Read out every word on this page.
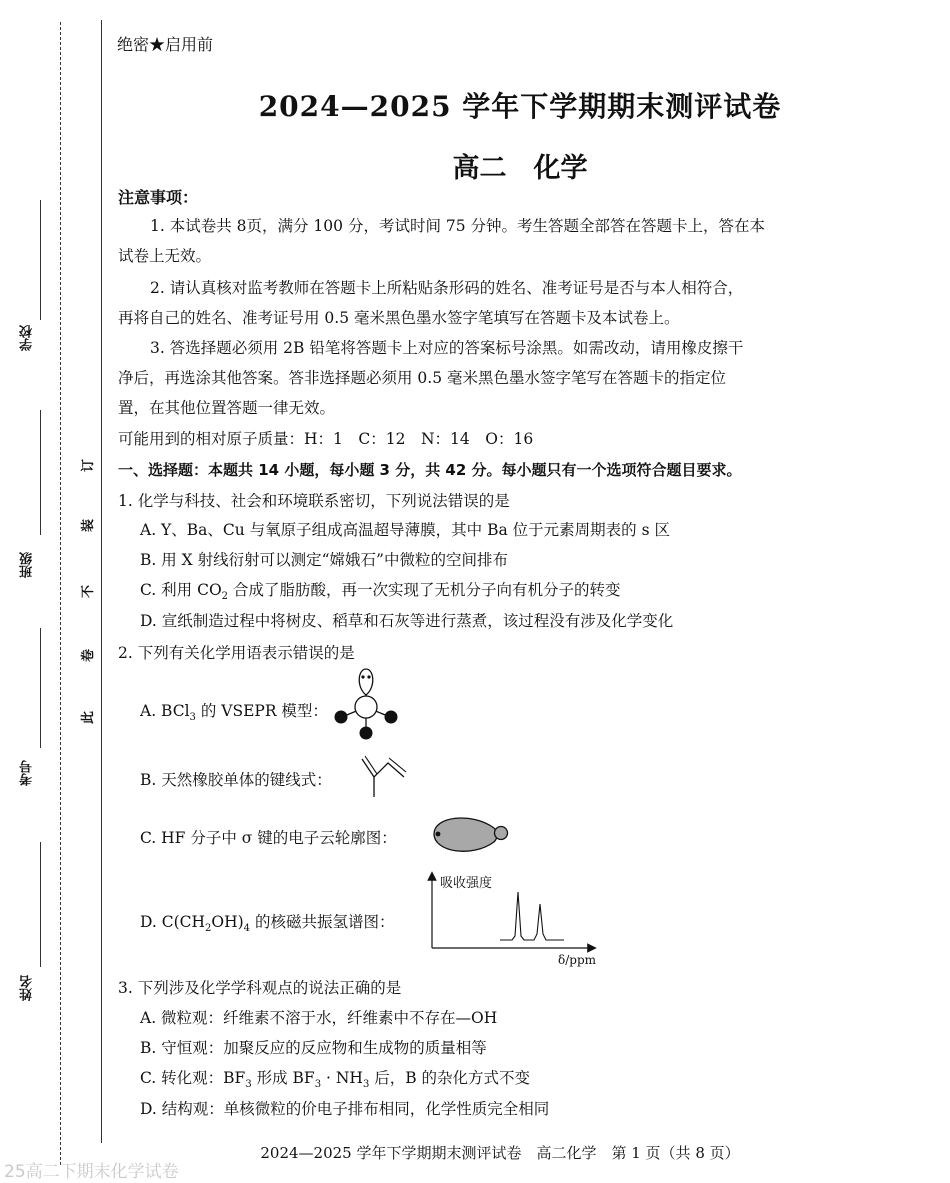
学校
班级
考号
姓名
订
装
不
卷
此
绝密★启用前
2024—2025 学年下学期期末测评试卷
高二　化学
注意事项：
1. 本试卷共 8页，满分 100 分，考试时间 75 分钟。考生答题全部答在答题卡上，答在本
试卷上无效。
2. 请认真核对监考教师在答题卡上所粘贴条形码的姓名、准考证号是否与本人相符合，
再将自己的姓名、准考证号用 0.5 毫米黑色墨水签字笔填写在答题卡及本试卷上。
3. 答选择题必须用 2B 铅笔将答题卡上对应的答案标号涂黑。如需改动，请用橡皮擦干
净后，再选涂其他答案。答非选择题必须用 0.5 毫米黑色墨水签字笔写在答题卡的指定位
置，在其他位置答题一律无效。
可能用到的相对原子质量：H：1　C：12　N：14　O：16
一、选择题：本题共 14 小题，每小题 3 分，共 42 分。每小题只有一个选项符合题目要求。
1. 化学与科技、社会和环境联系密切，下列说法错误的是
A. Y、Ba、Cu 与氧原子组成高温超导薄膜，其中 Ba 位于元素周期表的 s 区
B. 用 X 射线衍射可以测定“嫦娥石”中微粒的空间排布
C. 利用 $CO_2$ 合成了脂肪酸，再一次实现了无机分子向有机分子的转变
D. 宣纸制造过程中将树皮、稻草和石灰等进行蒸煮，该过程没有涉及化学变化
2. 下列有关化学用语表示错误的是
A. BCl$_3$ 的 VSEPR 模型：
B. 天然橡胶单体的键线式：
C. HF 分子中 σ 键的电子云轮廓图：
D. $C(CH_2OH)_4$ 的核磁共振氢谱图：
吸收强度
δ/ppm
3. 下列涉及化学学科观点的说法正确的是
A. 微粒观：纤维素不溶于水，纤维素中不存在—OH
B. 守恒观：加聚反应的反应物和生成物的质量相等
C. 转化观：$BF_3$ 形成 $BF_3 \cdot NH_3$ 后，B 的杂化方式不变
D. 结构观：单核微粒的价电子排布相同，化学性质完全相同
2024—2025 学年下学期期末测评试卷　高二化学　第 1 页（共 8 页）
25高二下期末化学试卷
